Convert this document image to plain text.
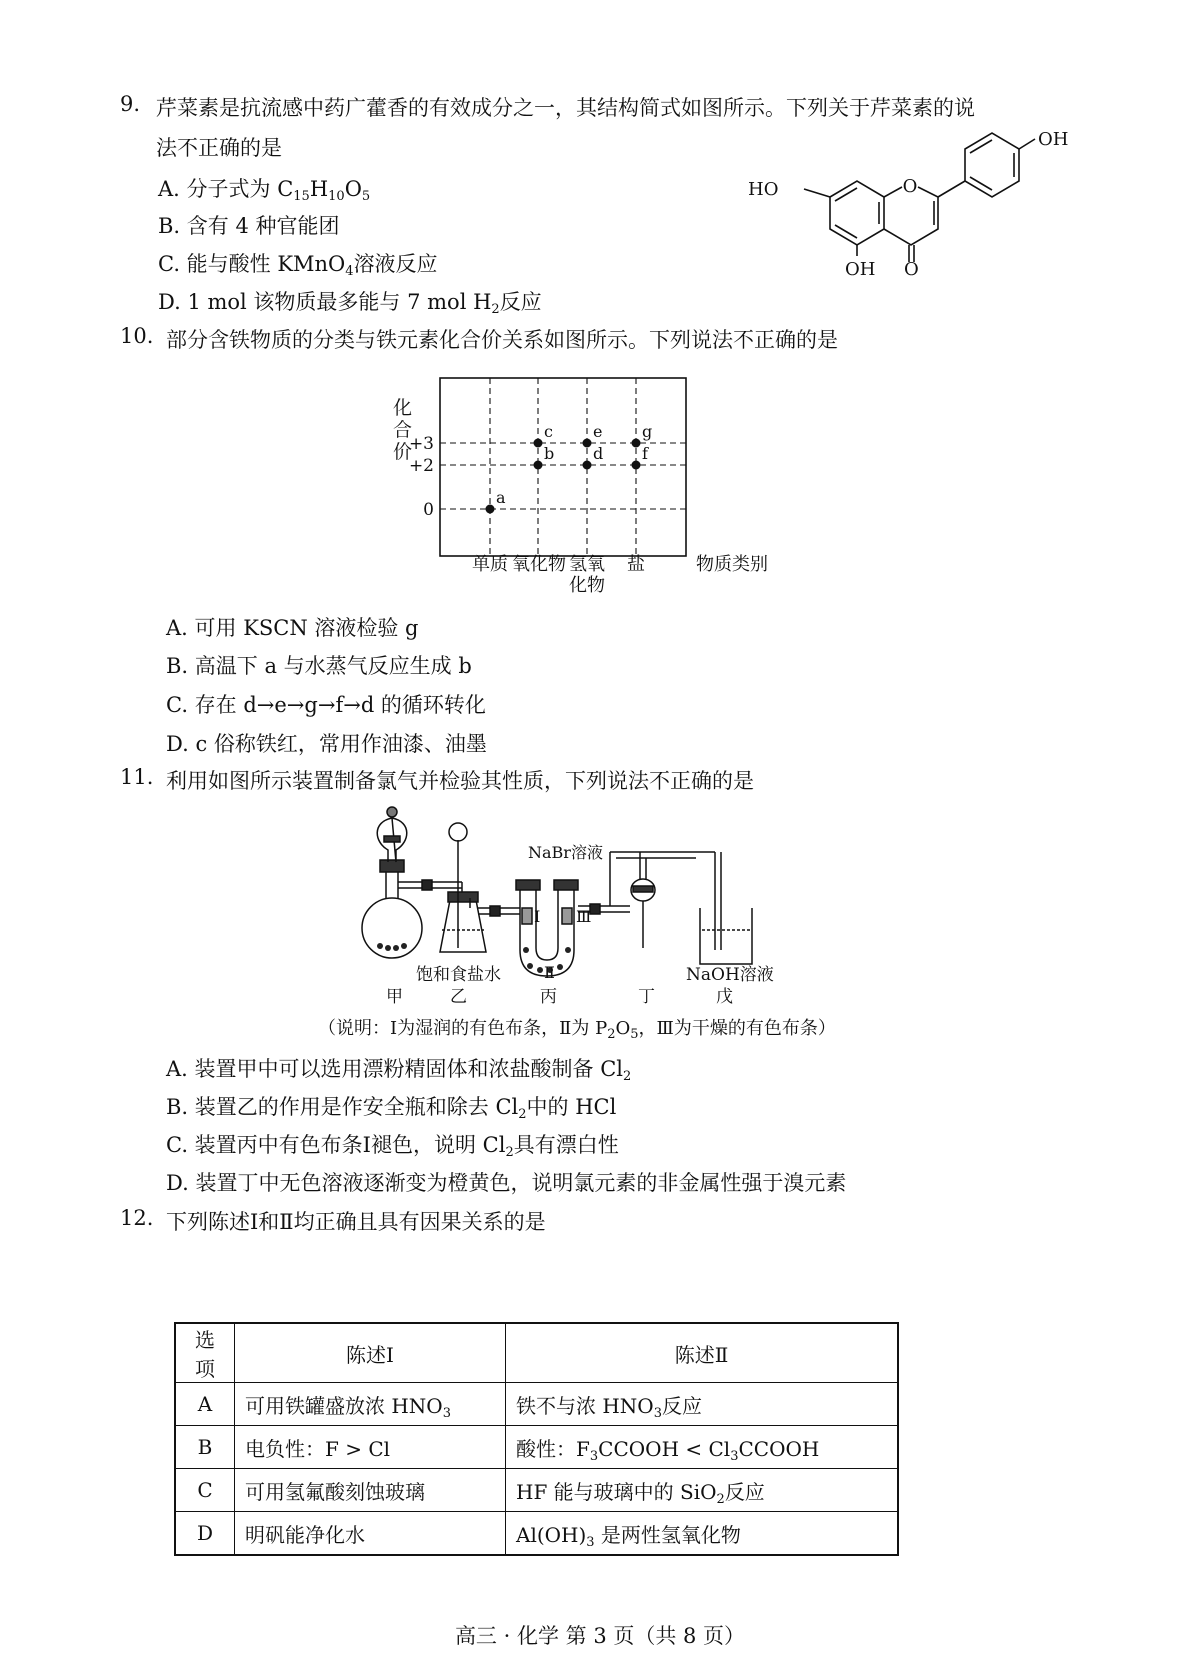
9. 芹菜素是抗流感中药广藿香的有效成分之一，其结构简式如图所示。下列关于芹菜素的说
法不正确的是
A. 分子式为 $C_{15}H_{10}O_5$
B. 含有 4 种官能团
C. 能与酸性 KMnO$_4$溶液反应
D. 1 mol 该物质最多能与 7 mol $H_2$反应
O
OH
HO
OH O
10. 部分含铁物质的分类与铁元素化合价关系如图所示。下列说法不正确的是
a
b
c
d
e
f
g
+3
+2
0
化
合
价
单质 氧化物 氢氧
化物
盐	物质类别
A. 可用 KSCN 溶液检验 g
B. 高温下 a 与水蒸气反应生成 b
C. 存在 d→e→g→f→d 的循环转化
D. c 俗称铁红，常用作油漆、油墨
11. 利用如图所示装置制备氯气并检验其性质，下列说法不正确的是
NaBr溶液
饱和食盐水	NaOH溶液
Ⅰ
Ⅱ
Ⅲ
甲	乙	丙	丁	戊
（说明：Ⅰ为湿润的有色布条，Ⅱ为 $P_2O_5$，Ⅲ为干燥的有色布条）
A. 装置甲中可以选用漂粉精固体和浓盐酸制备 $Cl_2$
B. 装置乙的作用是作安全瓶和除去 $Cl_2$中的 HCl
C. 装置丙中有色布条Ⅰ褪色，说明 $Cl_2$具有漂白性
D. 装置丁中无色溶液逐渐变为橙黄色，说明氯元素的非金属性强于溴元素
12. 下列陈述Ⅰ和Ⅱ均正确且具有因果关系的是
选项	陈述Ⅰ	陈述Ⅱ
A	可用铁罐盛放浓 $HNO_3$	铁不与浓 $HNO_3$反应
B	电负性：F > Cl	酸性：$F_3CCOOH$ < $Cl_3CCOOH$
C	可用氢氟酸刻蚀玻璃	HF 能与玻璃中的 SiO$_2$反应
D	明矾能净化水	$Al(OH)_3$ 是两性氢氧化物
高三 · 化学 第 3 页（共 8 页）
